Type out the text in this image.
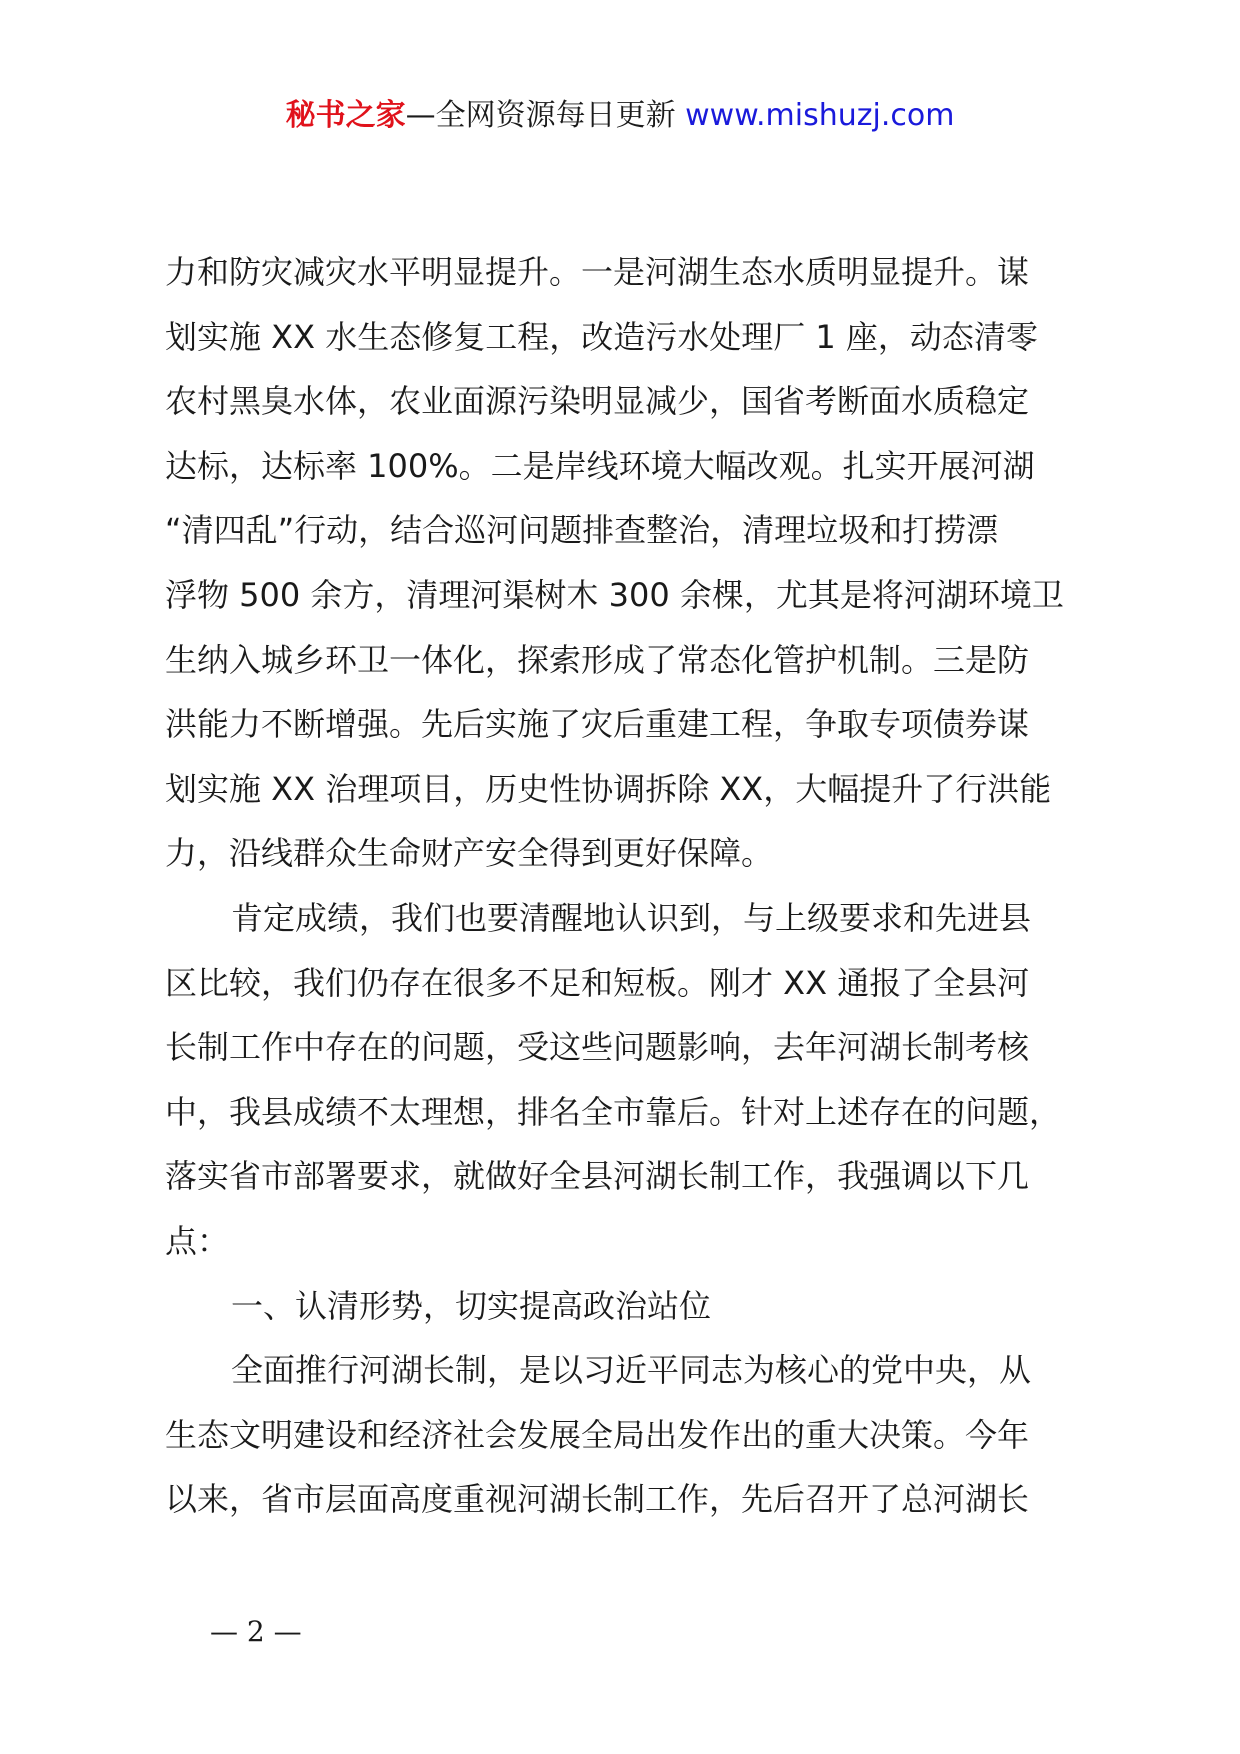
秘书之家—全网资源每日更新 www.mishuzj.com
力和防灾减灾水平明显提升。一是河湖生态水质明显提升。谋
划实施 XX 水生态修复工程，改造污水处理厂 1 座，动态清零
农村黑臭水体，农业面源污染明显减少，国省考断面水质稳定
达标，达标率 100%。二是岸线环境大幅改观。扎实开展河湖
“清四乱”行动，结合巡河问题排查整治，清理垃圾和打捞漂
浮物 500 余方，清理河渠树木 300 余棵，尤其是将河湖环境卫
生纳入城乡环卫一体化，探索形成了常态化管护机制。三是防
洪能力不断增强。先后实施了灾后重建工程，争取专项债券谋
划实施 XX 治理项目，历史性协调拆除 XX，大幅提升了行洪能
力，沿线群众生命财产安全得到更好保障。
肯定成绩，我们也要清醒地认识到，与上级要求和先进县
区比较，我们仍存在很多不足和短板。刚才 XX 通报了全县河
长制工作中存在的问题，受这些问题影响，去年河湖长制考核
中，我县成绩不太理想，排名全市靠后。针对上述存在的问题，
落实省市部署要求，就做好全县河湖长制工作，我强调以下几
点：
一、认清形势，切实提高政治站位
全面推行河湖长制，是以习近平同志为核心的党中央，从
生态文明建设和经济社会发展全局出发作出的重大决策。今年
以来，省市层面高度重视河湖长制工作，先后召开了总河湖长
— 2 —
